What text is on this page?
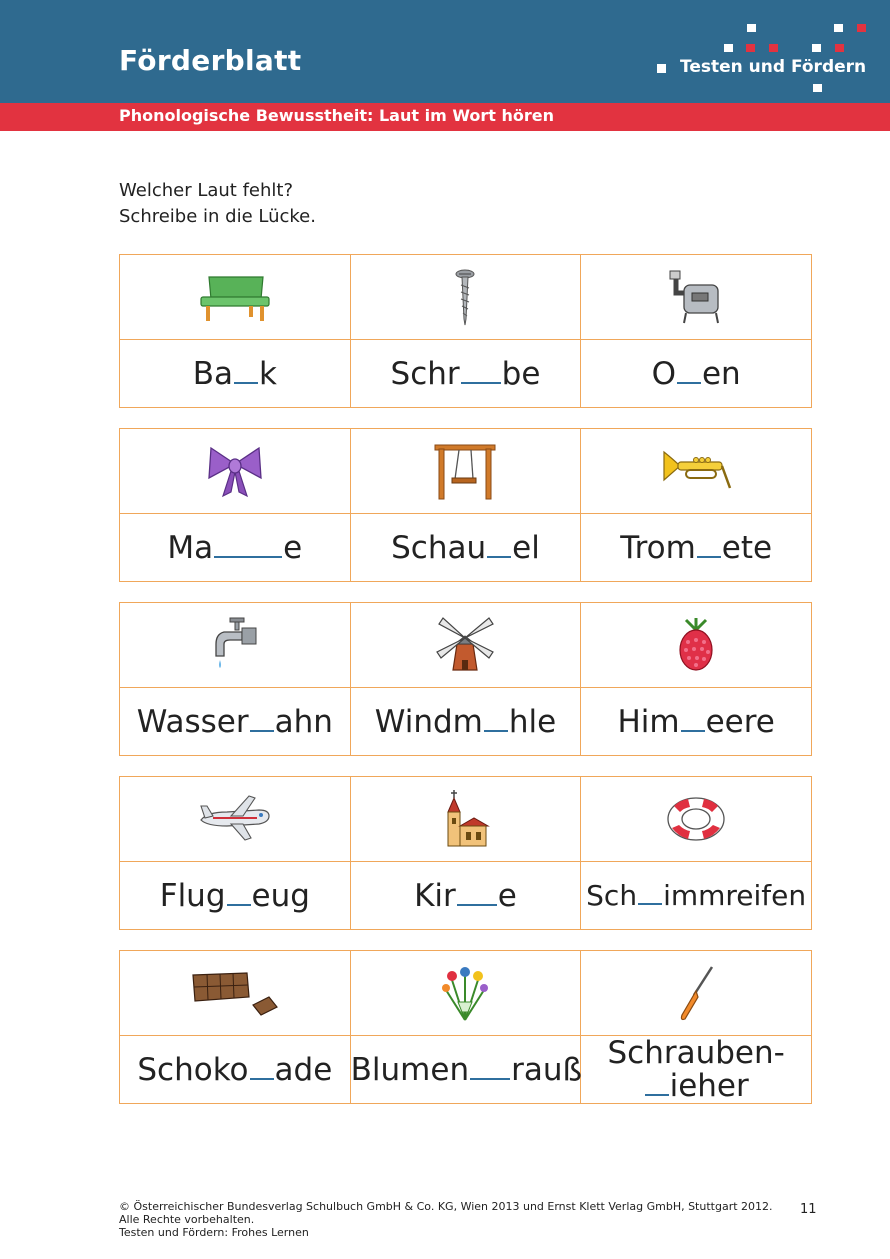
Förderblatt	Testen und Fördern
Phonologische Bewusstheit: Laut im Wort hören
Welcher Laut fehlt?
Schreibe in die Lücke.

Ba k	Schr be	O en

Ma e	Schau el	Trom ete

Wasser ahn	Windm hle	Him eere

Flug eug	Kir e	Sch immreifen

Schoko ade	Blumen rauß	Schrauben-
ieher
© Österreichischer Bundesverlag Schulbuch GmbH & Co. KG, Wien 2013 und Ernst Klett Verlag GmbH, Stuttgart 2012. Alle Rechte vorbehalten.
Testen und Fördern: Frohes Lernen
11
